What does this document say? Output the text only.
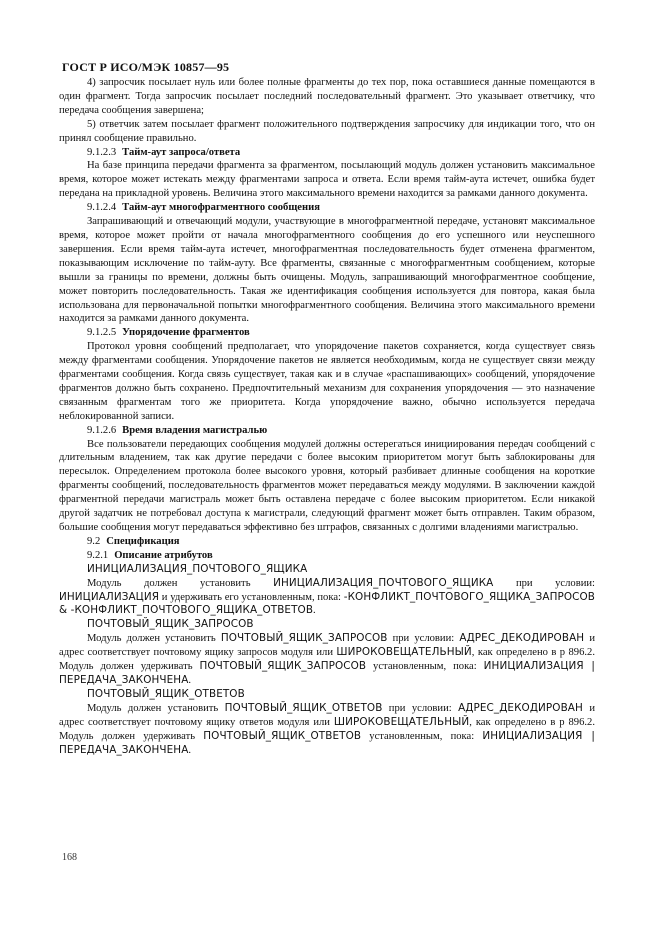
ГОСТ Р ИСО/МЭК 10857—95

4) запросчик посылает нуль или более полные фрагменты до тех пор, пока оставшиеся данные помещаются в один фрагмент. Тогда запросчик посылает последний последовательный фрагмент. Это указывает ответчику, что передача сообщения завершена;

5) ответчик затем посылает фрагмент положительного подтверждения запросчику для индикации того, что он принял сообщение правильно.

9.1.2.3 Тайм-аут запроса/ответа

На базе принципа передачи фрагмента за фрагментом, посылающий модуль должен установить максимальное время, которое может истекать между фрагментами запроса и ответа. Если время тайм-аута истечет, ошибка будет передана на прикладной уровень. Величина этого максимального времени находится за рамками данного документа.

9.1.2.4 Тайм-аут многофрагментного сообщения

Запрашивающий и отвечающий модули, участвующие в многофрагментной передаче, установят максимальное время, которое может пройти от начала многофрагментного сообщения до его успешного или неуспешного завершения. Если время тайм-аута истечет, многофрагментная последовательность будет отменена фрагментом, показывающим исключение по тайм-ауту. Все фрагменты, связанные с многофрагментным сообщением, которые вышли за границы по времени, должны быть очищены. Модуль, запрашивающий многофрагментное сообщение, может повторить последовательность. Такая же идентификация сообщения используется для повтора, какая была использована для первоначальной попытки многофрагментного сообщения. Величина этого максимального времени находится за рамками данного документа.

9.1.2.5 Упорядочение фрагментов

Протокол уровня сообщений предполагает, что упорядочение пакетов сохраняется, когда существует связь между фрагментами сообщения. Упорядочение пакетов не является необходимым, когда не существует связи между фрагментами сообщения. Когда связь существует, такая как и в случае «распашивающих» сообщений, упорядочение фрагментов должно быть сохранено. Предпочтительный механизм для сохранения упорядочения — это назначение связанным фрагментам того же приоритета. Когда упорядочение важно, обычно используется передача неблокированной записи.

9.1.2.6 Время владения магистралью

Все пользователи передающих сообщения модулей должны остерегаться инициирования передач сообщений с длительным владением, так как другие передачи с более высоким приоритетом могут быть заблокированы для пересылок. Определением протокола более высокого уровня, который разбивает длинные сообщения на короткие фрагменты сообщений, последовательность фрагментов может передаваться между модулями. В заключении каждой фрагментной передачи магистраль может быть оставлена передаче с более высоким приоритетом. Если никакой другой задатчик не потребовал доступа к магистрали, следующий фрагмент может быть отправлен. Таким образом, большие сообщения могут передаваться эффективно без штрафов, связанных с долгими владениями магистралью.

9.2 Спецификация

9.2.1 Описание атрибутов

ИНИЦИАЛИЗАЦИЯ_ПОЧТОВОГО_ЯЩИКА

Модуль должен установить ИНИЦИАЛИЗАЦИЯ_ПОЧТОВОГО_ЯЩИКА при условии: ИНИЦИАЛИЗАЦИЯ и удерживать его установленным, пока: -КОНФЛИКТ_ПОЧТОВОГО_ЯЩИКА_ЗАПРОСОВ & -КОНФЛИКТ_ПОЧТОВОГО_ЯЩИКА_ОТВЕТОВ.

ПОЧТОВЫЙ_ЯЩИК_ЗАПРОСОВ

Модуль должен установить ПОЧТОВЫЙ_ЯЩИК_ЗАПРОСОВ при условии: АДРЕС_ДЕКОДИРОВАН и адрес соответствует почтовому ящику запросов модуля или ШИРОКОВЕЩАТЕЛЬНЫЙ, как определено в р 896.2. Модуль должен удерживать ПОЧТОВЫЙ_ЯЩИК_ЗАПРОСОВ установленным, пока: ИНИЦИАЛИЗАЦИЯ | ПЕРЕДАЧА_ЗАКОНЧЕНА.

ПОЧТОВЫЙ_ЯЩИК_ОТВЕТОВ

Модуль должен установить ПОЧТОВЫЙ_ЯЩИК_ОТВЕТОВ при условии: АДРЕС_ДЕКОДИРОВАН и адрес соответствует почтовому ящику ответов модуля или ШИРОКОВЕЩАТЕЛЬНЫЙ, как определено в р 896.2. Модуль должен удерживать ПОЧТОВЫЙ_ЯЩИК_ОТВЕТОВ установленным, пока: ИНИЦИАЛИЗАЦИЯ | ПЕРЕДАЧА_ЗАКОНЧЕНА.

168
